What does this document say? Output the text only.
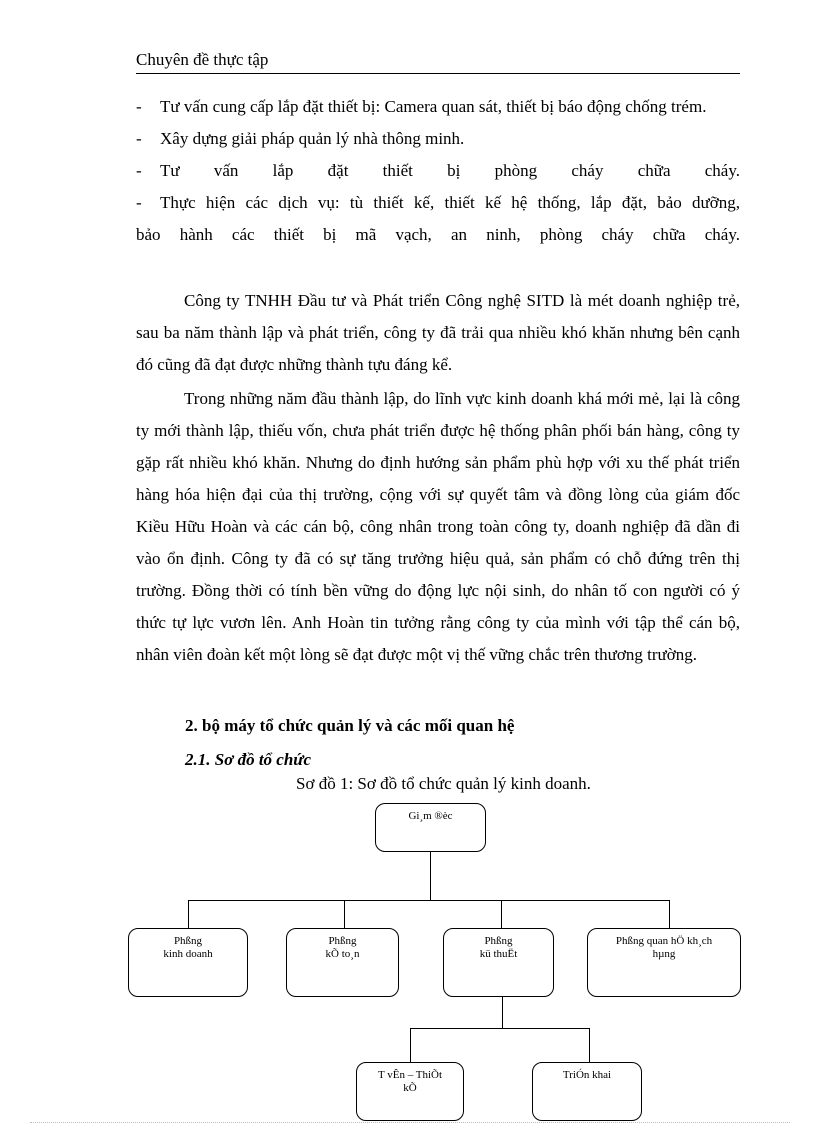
Chuyên đề thực tập
-	Tư vấn cung cấp lắp đặt thiết bị: Camera quan sát, thiết bị báo động chống trém.
-	Xây dựng giải pháp quản lý nhà thông minh.
-	Tư vấn lắp đặt thiết bị phòng cháy chữa cháy.
-	Thực hiện các dịch vụ: tù thiết kế, thiết kế hệ thống, lắp đặt, bảo dưỡng,
bảo hành các thiết bị mã vạch, an ninh, phòng cháy chữa cháy.
Công ty TNHH Đầu tư và Phát triển Công nghệ SITD là mét doanh nghiệp trẻ, sau ba năm thành lập và phát triển, công ty đã trải qua nhiều khó khăn nhưng bên cạnh đó cũng đã đạt được những thành tựu đáng kể.
Trong những năm đầu thành lập, do lĩnh vực kinh doanh khá mới mẻ, lại là công ty mới thành lập, thiếu vốn, chưa phát triển được hệ thống phân phối bán hàng, công ty gặp rất nhiều khó khăn. Nhưng do định hướng sản phẩm phù hợp với xu thế phát triển hàng hóa hiện đại của thị trường, cộng với sự quyết tâm và đồng lòng của giám đốc Kiều Hữu Hoàn và các cán bộ, công nhân trong toàn công ty, doanh nghiệp đã dần đi vào ổn định. Công ty đã có sự tăng trưởng hiệu quả, sản phẩm có chỗ đứng trên thị trường. Đồng thời có tính bền vững do động lực nội sinh, do nhân tố con người có ý thức tự lực vươn lên. Anh Hoàn tin tưởng rằng công ty của mình với tập thể cán bộ, nhân viên đoàn kết một lòng sẽ đạt được một vị thế vững chắc trên thương trường.
2. bộ máy tổ chức quản lý và các mối quan hệ
2.1. Sơ đồ tổ chức
Sơ đồ 1: Sơ đồ tổ chức quản lý kinh doanh.
Gi¸m ®èc
Phßng
kinh doanh
Phßng
kÕ to¸n
Phßng
kü thuËt
Phßng quan hÖ kh¸ch
hµng
T vÊn – ThiÕt
kÕ
TriÓn khai
